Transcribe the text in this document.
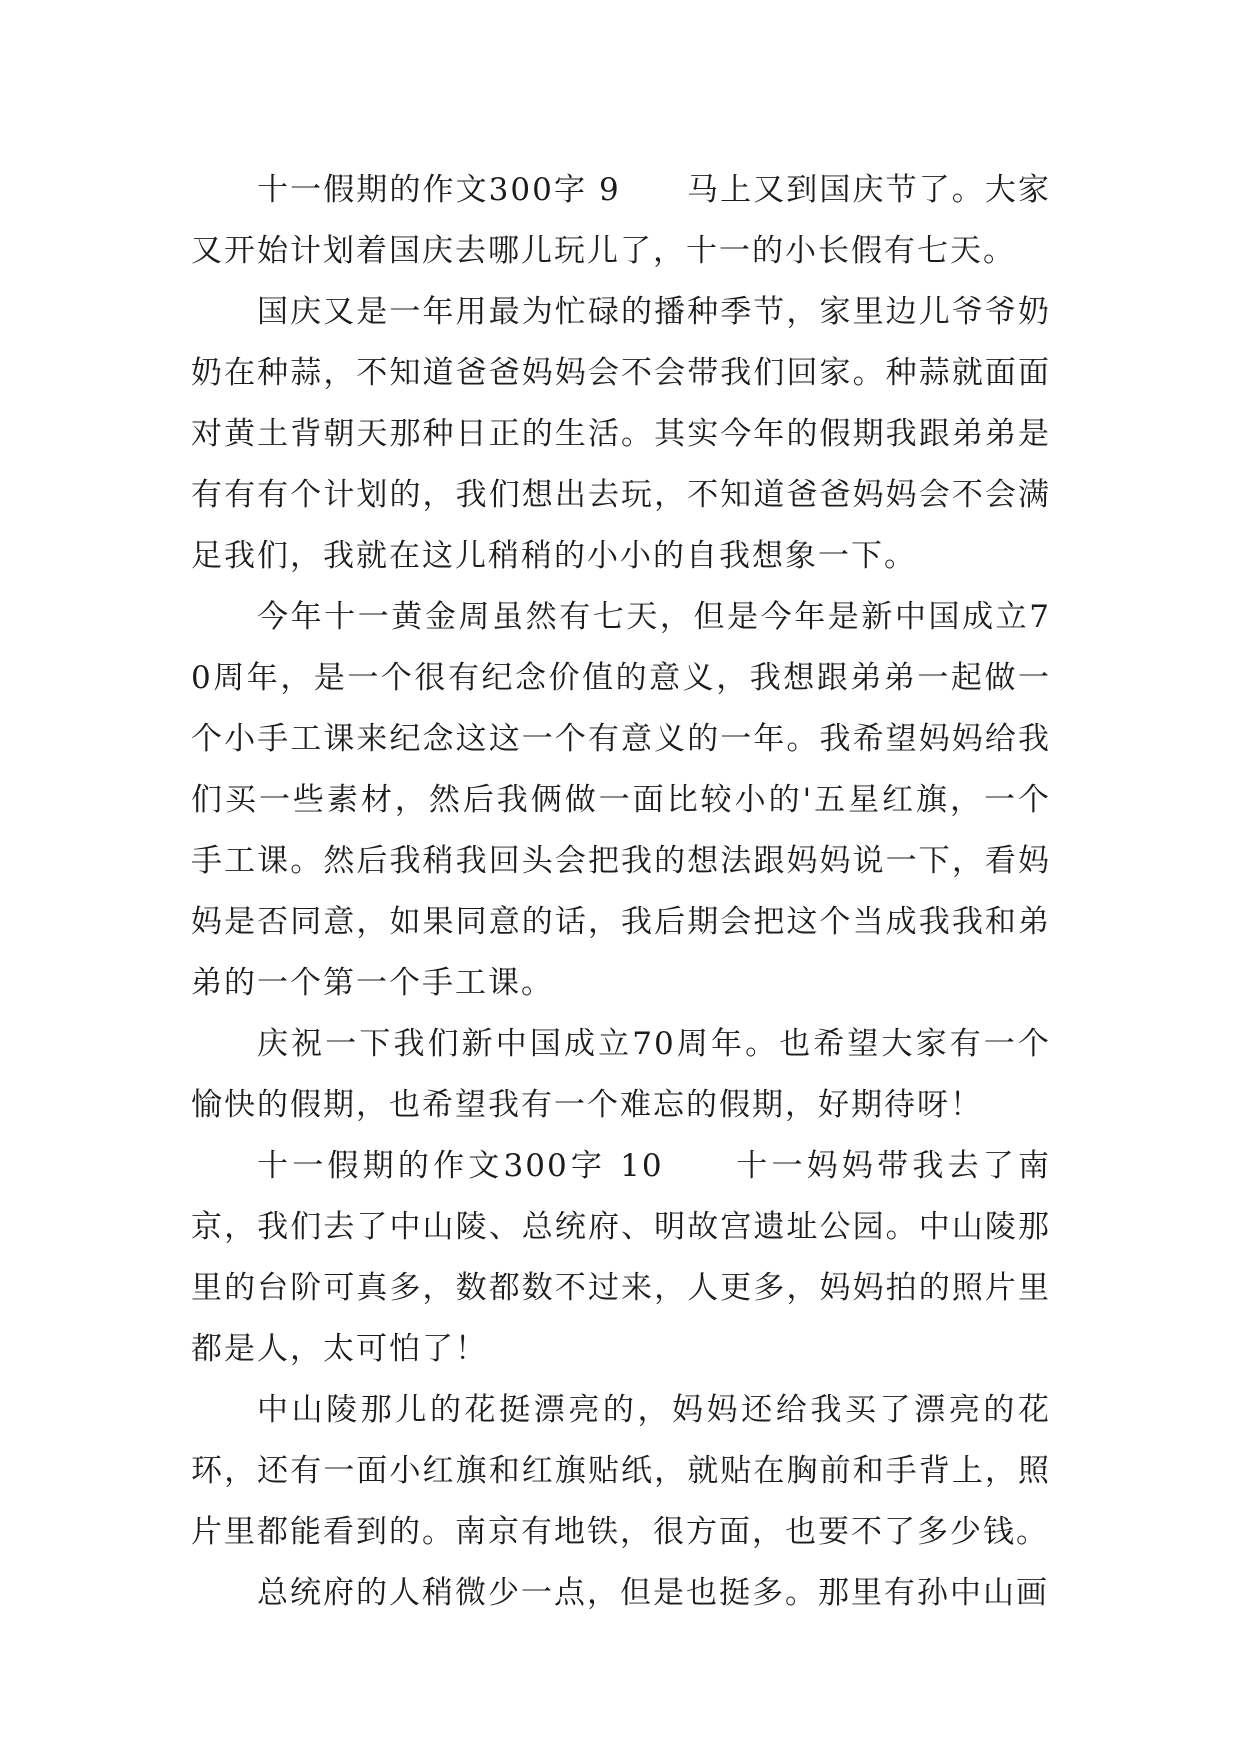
十一假期的作文300字 9　　马上又到国庆节了。大家又开始计划着国庆去哪儿玩儿了，十一的小长假有七天。

国庆又是一年用最为忙碌的播种季节，家里边儿爷爷奶奶在种蒜，不知道爸爸妈妈会不会带我们回家。种蒜就面面对黄土背朝天那种日正的生活。其实今年的假期我跟弟弟是有有有个计划的，我们想出去玩，不知道爸爸妈妈会不会满足我们，我就在这儿稍稍的小小的自我想象一下。

今年十一黄金周虽然有七天，但是今年是新中国成立70周年，是一个很有纪念价值的意义，我想跟弟弟一起做一个小手工课来纪念这这一个有意义的一年。我希望妈妈给我们买一些素材，然后我俩做一面比较小的'五星红旗，一个手工课。然后我稍我回头会把我的想法跟妈妈说一下，看妈妈是否同意，如果同意的话，我后期会把这个当成我我和弟弟的一个第一个手工课。

庆祝一下我们新中国成立70周年。也希望大家有一个愉快的假期，也希望我有一个难忘的假期，好期待呀！

十一假期的作文300字 10　　十一妈妈带我去了南京，我们去了中山陵、总统府、明故宫遗址公园。中山陵那里的台阶可真多，数都数不过来，人更多，妈妈拍的照片里都是人，太可怕了！

中山陵那儿的花挺漂亮的，妈妈还给我买了漂亮的花环，还有一面小红旗和红旗贴纸，就贴在胸前和手背上，照片里都能看到的。南京有地铁，很方面，也要不了多少钱。

总统府的人稍微少一点，但是也挺多。那里有孙中山画
